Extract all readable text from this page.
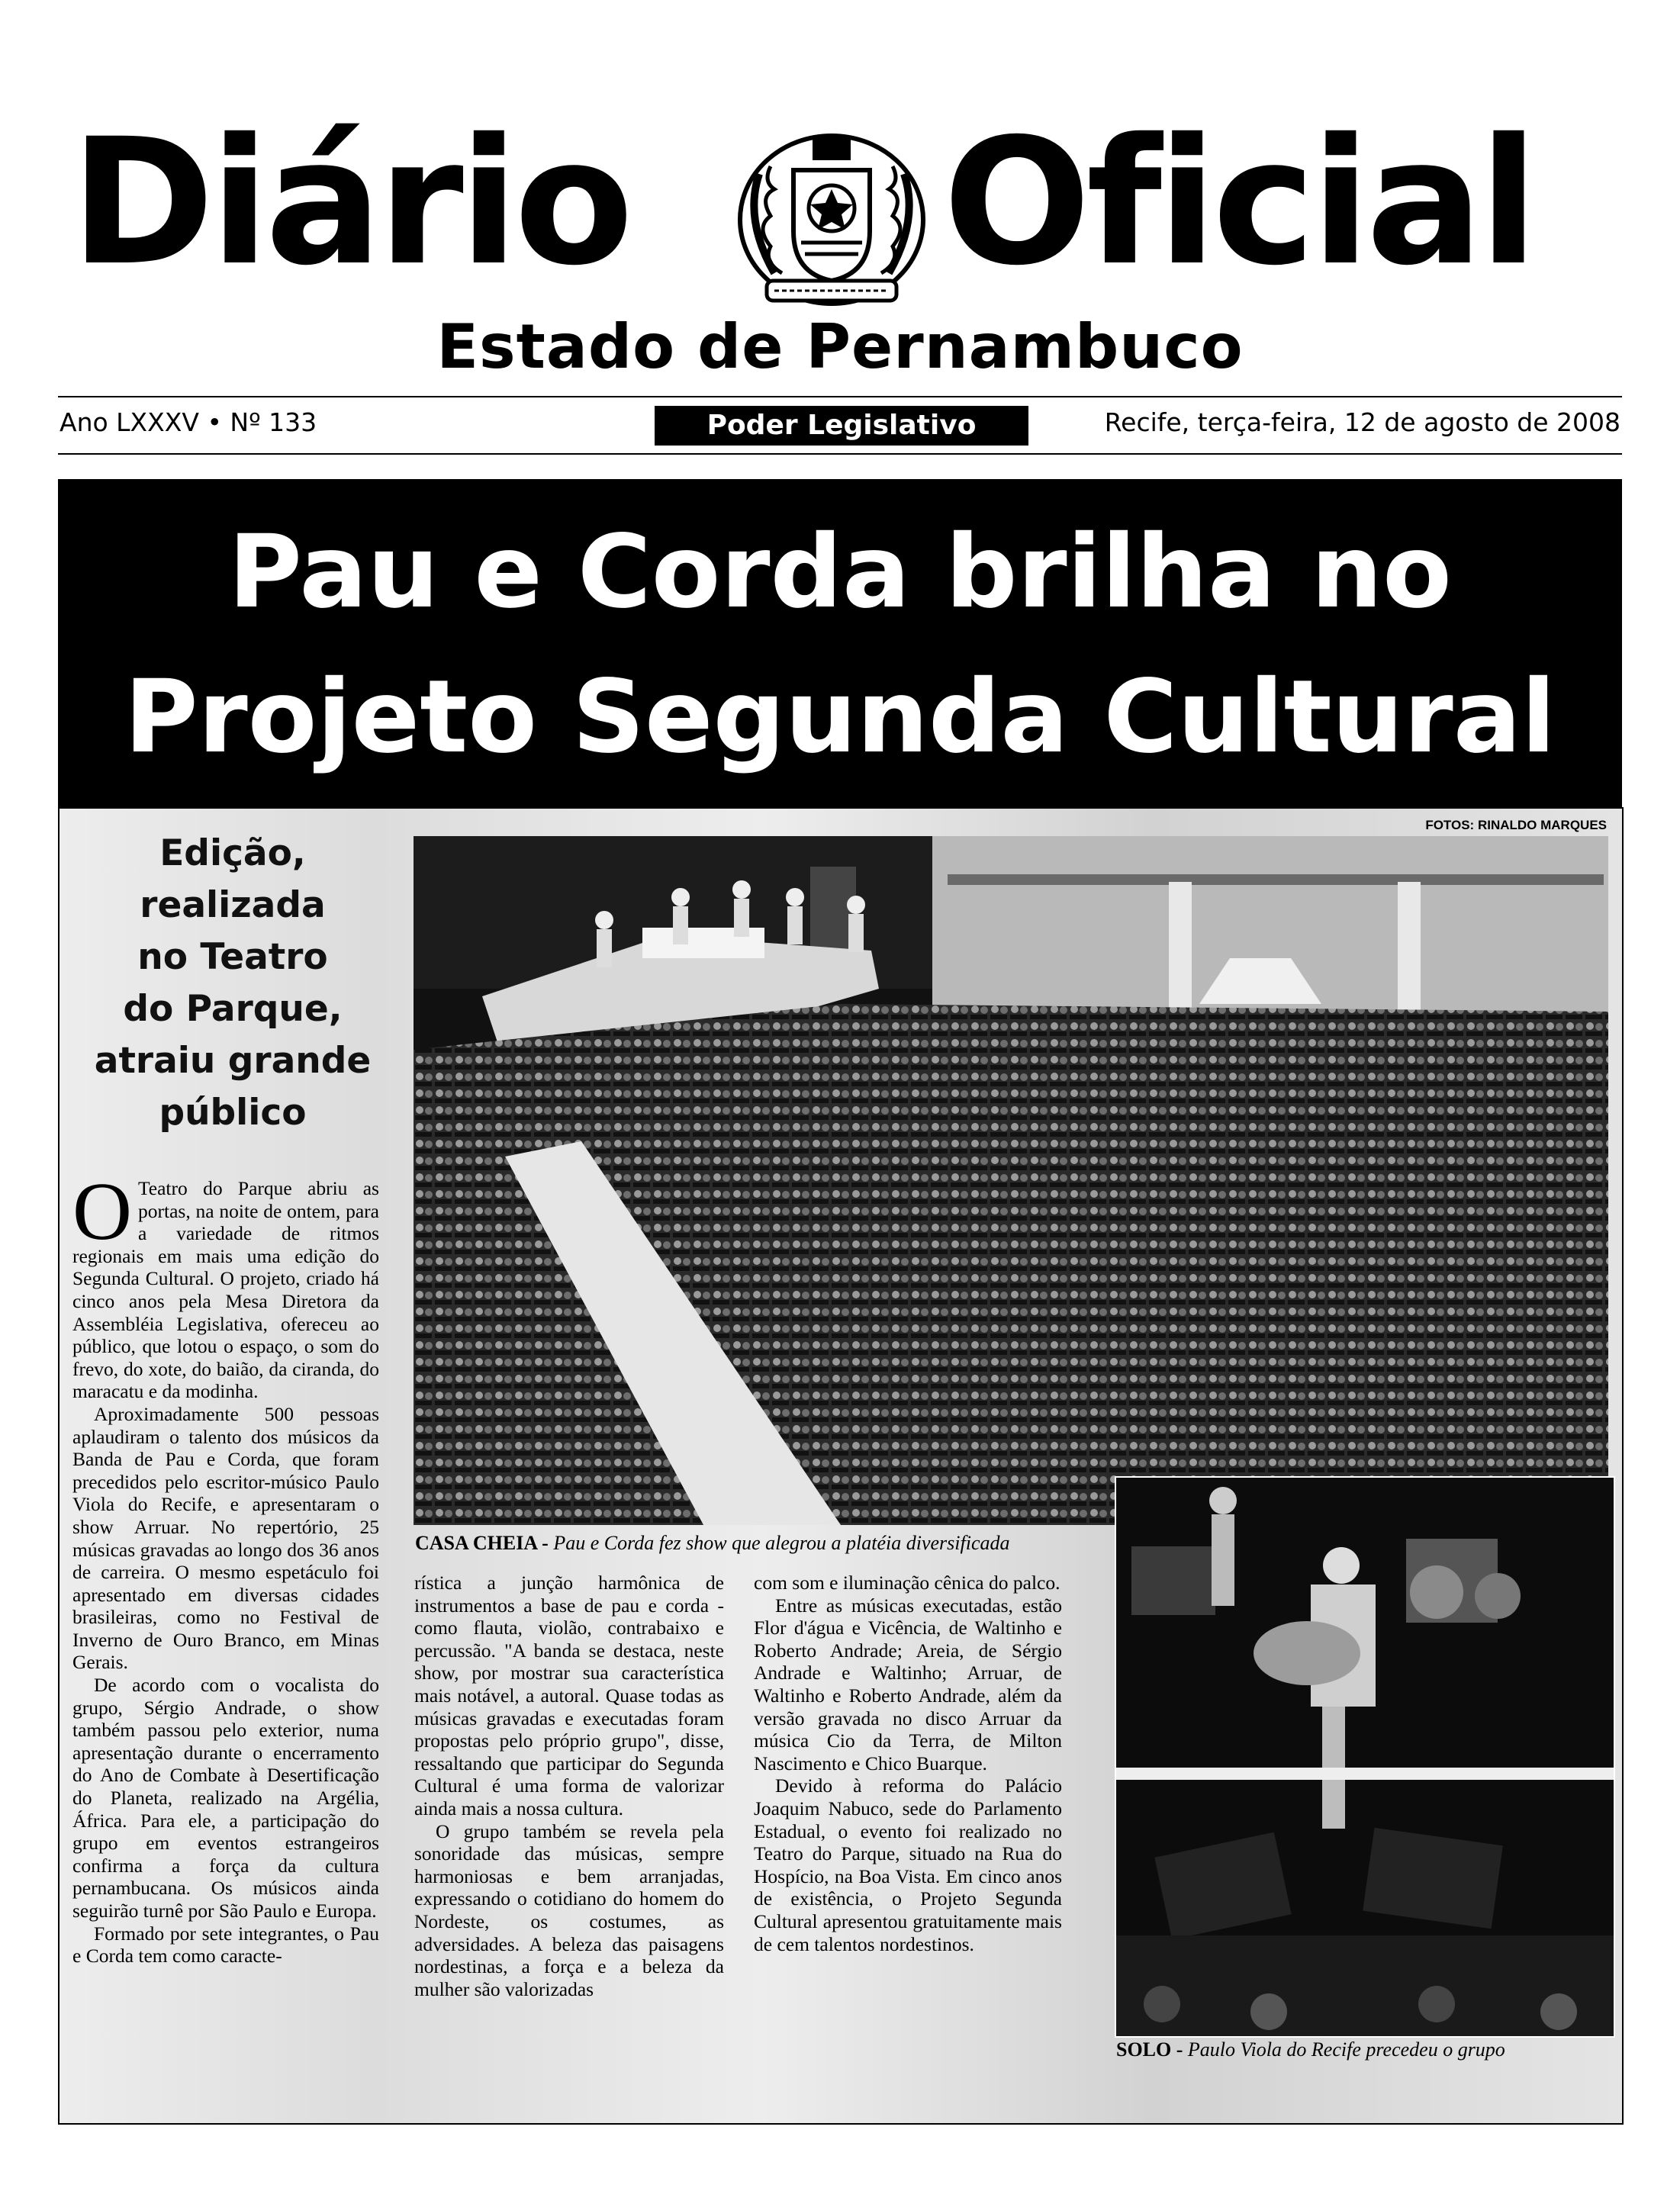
Diário Oficial
Estado de Pernambuco
Ano LXXXV • Nº 133	Poder Legislativo	Recife, terça-feira, 12 de agosto de 2008
Pau e Corda brilha no
Projeto Segunda Cultural
FOTOS: RINALDO MARQUES
Edição,
realizada
no Teatro
do Parque,
atraiu grande
público

O Teatro do Parque abriu as portas, na noite de ontem, para a variedade de ritmos regionais em mais uma edição do Segunda Cultural. O projeto, criado há cinco anos pela Mesa Diretora da Assembléia Legislativa, ofereceu ao público, que lotou o espaço, o som do frevo, do xote, do baião, da ciranda, do maracatu e da modinha.

Aproximadamente 500 pessoas aplaudiram o talento dos músicos da Banda de Pau e Corda, que foram precedidos pelo escritor-músico Paulo Viola do Recife, e apresentaram o show Arruar. No repertório, 25 músicas gravadas ao longo dos 36 anos de carreira. O mesmo espetáculo foi apresentado em diversas cidades brasileiras, como no Festival de Inverno de Ouro Branco, em Minas Gerais.

De acordo com o vocalista do grupo, Sérgio Andrade, o show também passou pelo exterior, numa apresentação durante o encerramento do Ano de Combate à Desertificação do Planeta, realizado na Argélia, África. Para ele, a participação do grupo em eventos estrangeiros confirma a força da cultura pernambucana. Os músicos ainda seguirão turnê por São Paulo e Europa.

Formado por sete integrantes, o Pau e Corda tem como caracte-

CASA CHEIA - Pau e Corda fez show que alegrou a platéia diversificada

rística a junção harmônica de instrumentos a base de pau e corda - como flauta, violão, contrabaixo e percussão. "A banda se destaca, neste show, por mostrar sua característica mais notável, a autoral. Quase todas as músicas gravadas e executadas foram propostas pelo próprio grupo", disse, ressaltando que participar do Segunda Cultural é uma forma de valorizar ainda mais a nossa cultura.

O grupo também se revela pela sonoridade das músicas, sempre harmoniosas e bem arranjadas, expressando o cotidiano do homem do Nordeste, os costumes, as adversidades. A beleza das paisagens nordestinas, a força e a beleza da mulher são valorizadas

com som e iluminação cênica do palco.

Entre as músicas executadas, estão Flor d'água e Vicência, de Waltinho e Roberto Andrade; Areia, de Sérgio Andrade e Waltinho; Arruar, de Waltinho e Roberto Andrade, além da versão gravada no disco Arruar da música Cio da Terra, de Milton Nascimento e Chico Buarque.

Devido à reforma do Palácio Joaquim Nabuco, sede do Parlamento Estadual, o evento foi realizado no Teatro do Parque, situado na Rua do Hospício, na Boa Vista. Em cinco anos de existência, o Projeto Segunda Cultural apresentou gratuitamente mais de cem talentos nordestinos.

SOLO - Paulo Viola do Recife precedeu o grupo
